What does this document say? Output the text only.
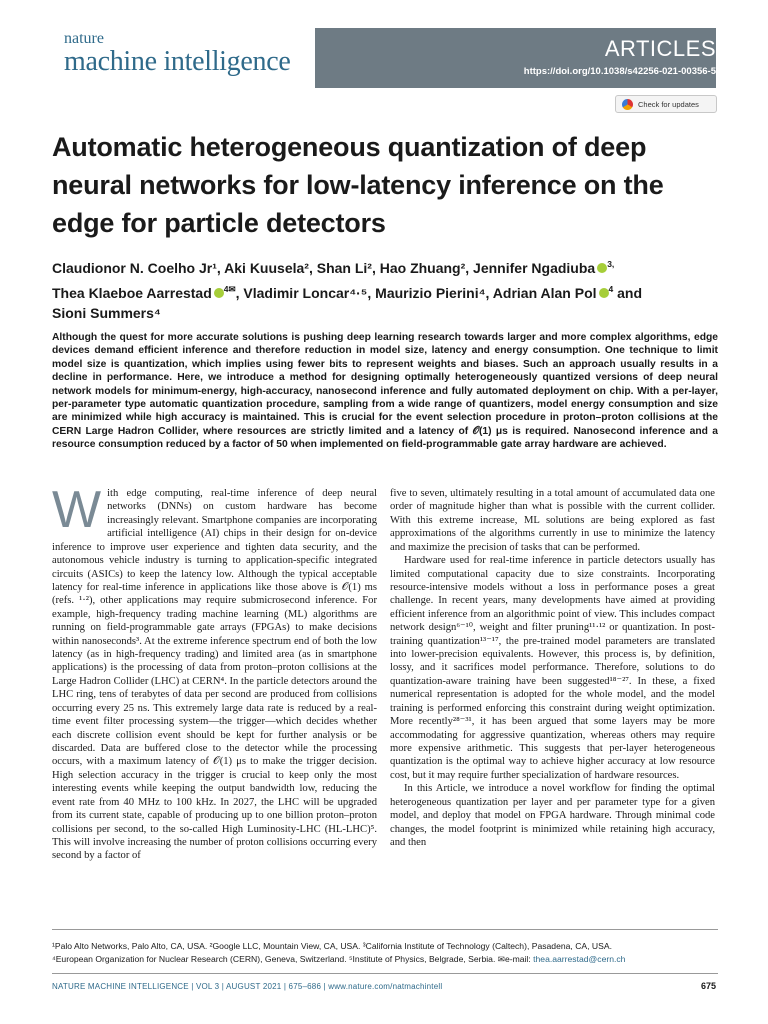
nature
machine intelligence	ARTICLES
https://doi.org/10.1038/s42256-021-00356-5
Check for updates
Automatic heterogeneous quantization of deep neural networks for low-latency inference on the edge for particle detectors
Claudionor N. Coelho Jr¹, Aki Kuusela², Shan Li², Hao Zhuang², Jennifer Ngadiuba $^{3,}$
Thea Klaeboe Aarrestad $^{4✉}$, Vladimir Loncar⁴·⁵, Maurizio Pierini⁴, Adrian Alan Pol $^4$ and
Sioni Summers⁴

Although the quest for more accurate solutions is pushing deep learning research towards larger and more complex algorithms, edge devices demand efficient inference and therefore reduction in model size, latency and energy consumption. One technique to limit model size is quantization, which implies using fewer bits to represent weights and biases. Such an approach usually results in a decline in performance. Here, we introduce a method for designing optimally heterogeneously quantized versions of deep neural network models for minimum-energy, high-accuracy, nanosecond inference and fully automated deployment on chip. With a per-layer, per-parameter type automatic quantization procedure, sampling from a wide range of quantizers, model energy consumption and size are minimized while high accuracy is maintained. This is crucial for the event selection procedure in proton–proton collisions at the CERN Large Hadron Collider, where resources are strictly limited and a latency of 𝒪(1) μs is required. Nanosecond inference and a resource consumption reduced by a factor of 50 when implemented on field-programmable gate array hardware are achieved.

With edge computing, real-time inference of deep neural networks (DNNs) on custom hardware has become increasingly relevant. Smartphone companies are incorporating artificial intelligence (AI) chips in their design for on-device inference to improve user experience and tighten data security, and the autonomous vehicle industry is turning to application-specific integrated circuits (ASICs) to keep the latency low. Although the typical acceptable latency for real-time inference in applications like those above is 𝒪(1) ms (refs. ¹·²), other applications may require submicrosecond inference. For example, high-frequency trading machine learning (ML) algorithms are running on field-programmable gate arrays (FPGAs) to make decisions within nanoseconds³. At the extreme inference spectrum end of both the low latency (as in high-frequency trading) and limited area (as in smartphone applications) is the processing of data from proton–proton collisions at the Large Hadron Collider (LHC) at CERN⁴. In the particle detectors around the LHC ring, tens of terabytes of data per second are produced from collisions occurring every 25 ns. This extremely large data rate is reduced by a real-time event filter processing system—the trigger—which decides whether each discrete collision event should be kept for further analysis or be discarded. Data are buffered close to the detector while the processing occurs, with a maximum latency of 𝒪(1) μs to make the trigger decision. High selection accuracy in the trigger is crucial to keep only the most interesting events while keeping the output bandwidth low, reducing the event rate from 40 MHz to 100 kHz. In 2027, the LHC will be upgraded from its current state, capable of producing up to one billion proton–proton collisions per second, to the so-called High Luminosity-LHC (HL-LHC)⁵. This will involve increasing the number of proton collisions occurring every second by a factor of

five to seven, ultimately resulting in a total amount of accumulated data one order of magnitude higher than what is possible with the current collider. With this extreme increase, ML solutions are being explored as fast approximations of the algorithms currently in use to minimize the latency and maximize the precision of tasks that can be performed.

Hardware used for real-time inference in particle detectors usually has limited computational capacity due to size constraints. Incorporating resource-intensive models without a loss in performance poses a great challenge. In recent years, many developments have aimed at providing efficient inference from an algorithmic point of view. This includes compact network design⁶⁻¹⁰, weight and filter pruning¹¹·¹² or quantization. In post-training quantization¹³⁻¹⁷, the pre-trained model parameters are translated into lower-precision equivalents. However, this process is, by definition, lossy, and it sacrifices model performance. Therefore, solutions to do quantization-aware training have been suggested¹⁸⁻²⁷. In these, a fixed numerical representation is adopted for the whole model, and the model training is performed enforcing this constraint during weight optimization. More recently²⁸⁻³¹, it has been argued that some layers may be more accommodating for aggressive quantization, whereas others may require more expensive arithmetic. This suggests that per-layer heterogeneous quantization is the optimal way to achieve higher accuracy at low resource cost, but it may require further specialization of hardware resources.

In this Article, we introduce a novel workflow for finding the optimal heterogeneous quantization per layer and per parameter type for a given model, and deploy that model on FPGA hardware. Through minimal code changes, the model footprint is minimized while retaining high accuracy, and then

¹Palo Alto Networks, Palo Alto, CA, USA. ²Google LLC, Mountain View, CA, USA. ³California Institute of Technology (Caltech), Pasadena, CA, USA.
⁴European Organization for Nuclear Research (CERN), Geneva, Switzerland. ⁵Institute of Physics, Belgrade, Serbia. ✉e-mail: thea.aarrestad@cern.ch
NATURE MACHINE INTELLIGENCE | VOL 3 | AUGUST 2021 | 675–686 | www.nature.com/natmachintell	675
